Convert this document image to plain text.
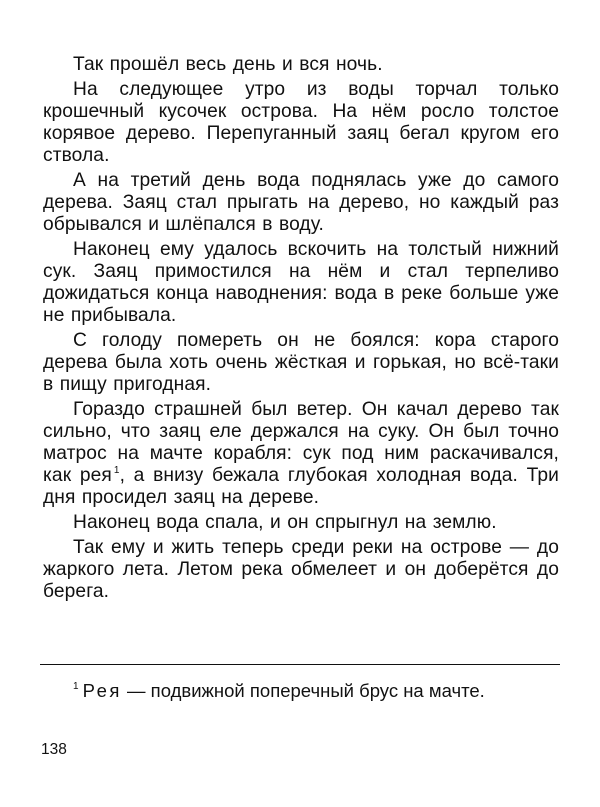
Так прошёл весь день и вся ночь.

На следующее утро из воды торчал только крошечный кусочек острова. На нём росло толстое корявое дерево. Перепуганный заяц бегал кругом его ствола.

А на третий день вода поднялась уже до самого дерева. Заяц стал прыгать на дерево, но каждый раз обрывался и шлёпался в воду.

Наконец ему удалось вскочить на толстый нижний сук. Заяц примостился на нём и стал терпеливо дожидаться конца наводнения: вода в реке больше уже не прибывала.

С голоду помереть он не боялся: кора старого дерева была хоть очень жёсткая и горькая, но всё-таки в пищу пригодная.

Гораздо страшней был ветер. Он качал дерево так сильно, что заяц еле держался на суку. Он был точно матрос на мачте корабля: сук под ним раскачивался, как рея $^1$, а внизу бежала глубокая холодная вода. Три дня просидел заяц на дереве.

Наконец вода спала, и он спрыгнул на землю.

Так ему и жить теперь среди реки на острове — до жаркого лета. Летом река обмелеет и он доберётся до берега.

$^1$ Рея — подвижной поперечный брус на мачте.

138
